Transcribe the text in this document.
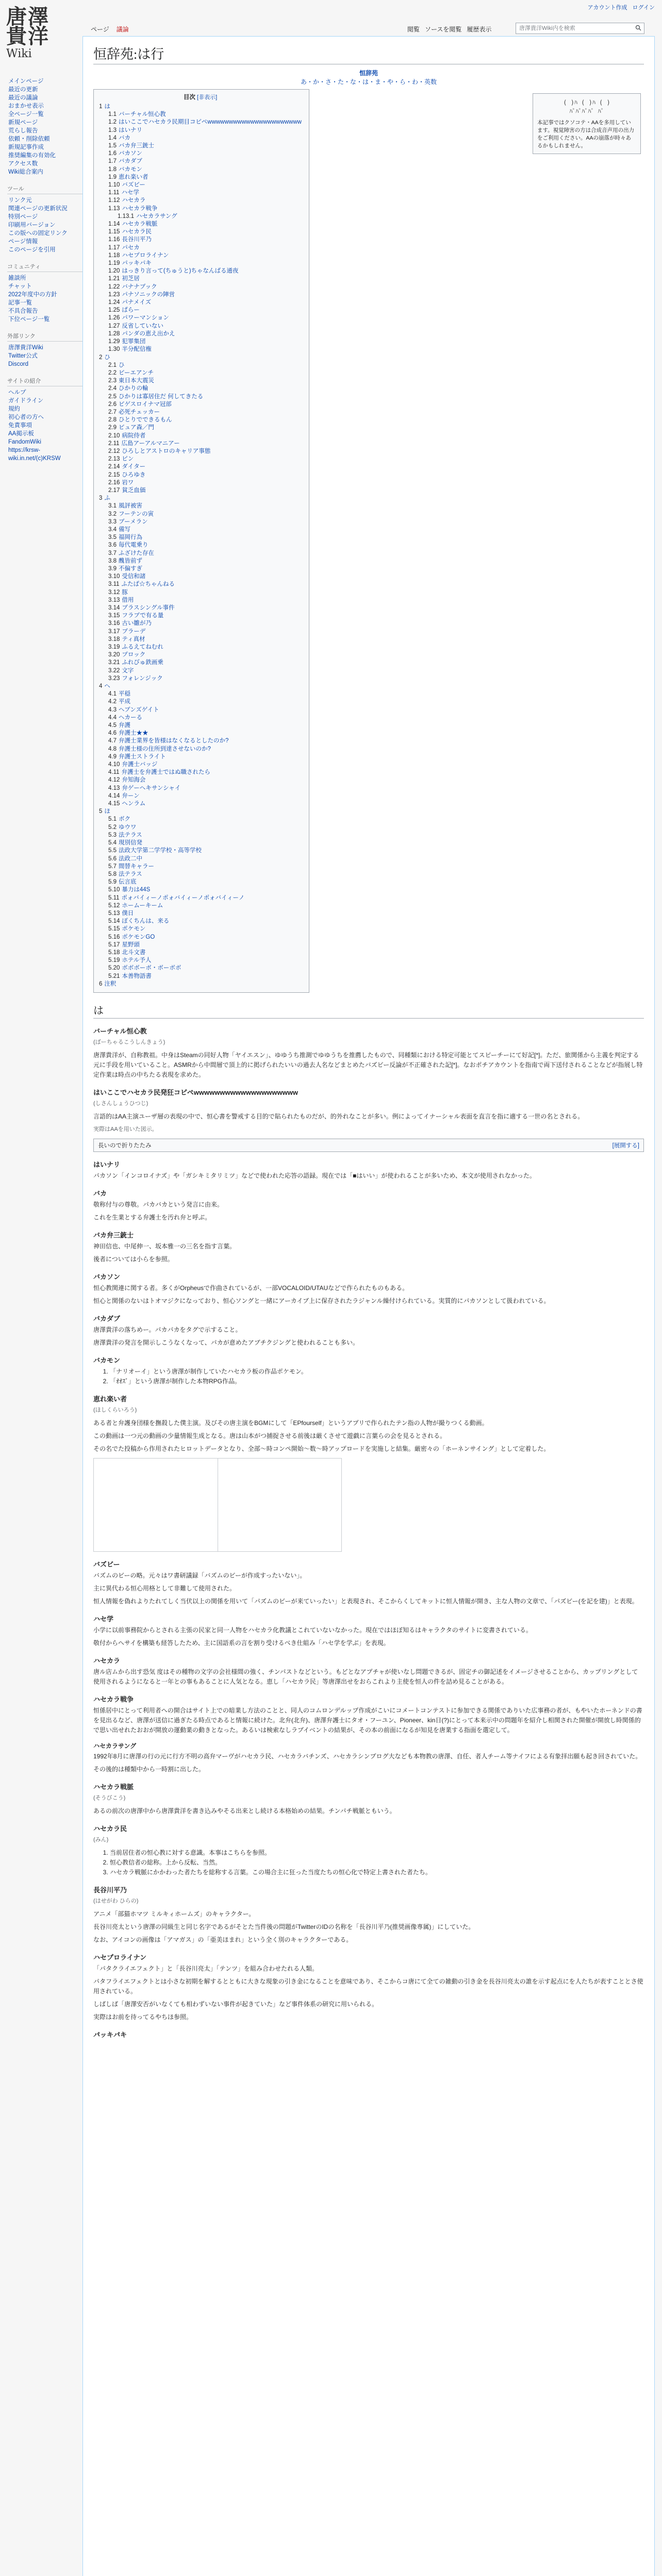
アカウント作成 ログイン
唐澤
貴洋
Wiki
ページ 議論	閲覧 ソースを閲覧 履歴表示	唐澤貴洋Wiki内を検索
メインページ
最近の更新
最近の議論
おまかせ表示
全ページ一覧
新規ページ
荒らし報告
依頼・削除依頼
新規記事作成
推奨編集の有効化
アクセス数
Wiki総合案内
ツール
リンク元
関連ページの更新状況
特別ページ
印刷用バージョン
この版への固定リンク
ページ情報
このページを引用
コミュニティ
雑談所
チャット
2022年度中の方針
記事一覧
不具合報告
下位ページ一覧
外部リンク
唐澤貴洋Wiki
Twitter公式
Discord
サイトの紹介
ヘルプ
ガイドライン
規約
初心者の方へ
免責事項
AA掲示板
FandomWiki
https://krsw-wiki.in.net/(c)KRSW
恒辞苑:は行
恒辞苑
あ・か・さ・た・な・は・ま・や・ら・わ・英数
( )ﾊ ( )ﾊ ( )
ﾊﾟﾊﾟﾊﾟﾊﾟ ﾊﾟ
本記事ではクソコテ・AAを多用しています。視覚障害の方は合成音声用の出力をご利用ください。AAの崩落が時々あるかもしれません。
目次 [非表示]
1 は
1.1 バーチャル恒心教
1.2 はいここでハセカラ民期目コピペwwwwwwwwwwwwwwwwwwwwww
1.3 はいナリ
1.4 バカ
1.5 バカ弁三銃士
1.6 バカソン
1.7 バカダブ
1.8 バカモン
1.9 恵れ楽い者
1.10 バズビー
1.11 ハセ学
1.12 ハセカラ
1.13 ハセカラ戦争
1.13.1 ハセカラサング
1.14 ハセカラ戦脈
1.15 ハセカラ民
1.16 長谷川平乃
1.17 パセカ
1.18 ハセプロライナン
1.19 パッキパキ
1.20 はっきり言って(ちゅうと)ちゃなんばる通夜
1.21 初芝居
1.22 バナナブック
1.23 パナソニックの陣営
1.24 パナメイズ
1.25 ぱらー
1.26 パワーマンション
1.27 反省していない
1.28 パンダの恵え出かえ
1.29 犯罪集団
1.30 半分配信権
2 ひ
2.1 ひ
2.2 ビーエアンチ
2.3 東日本大震災
2.4 ひかりの輪
2.5 ひかりは寡居住だ 何してきたる
2.6 ビゲスロイナマ冠部
2.7 必死チェッカー
2.8 ひとりでできるもん
2.9 ビュア森／門
2.10 病院侍者
2.11 広島アーアルマニアー
2.12 ひろしとアストロのキャリア事態
2.13 ピン
2.14 ダイター
2.15 ひろゆき
2.16 岩ワ
2.17 貧乏血価
3 ふ
3.1 風評被害
3.2 フーテンの寅
3.3 ブーメラン
3.4 備写
3.5 福岡行為
3.6 毎代電乗り
3.7 ふざけた存在
3.8 醜皆前ず
3.9 不偏すぎ
3.10 受信和諸
3.11 ふたば☆ちゃんねる
3.12 豚
3.13 借用
3.14 ブラスシングル事件
3.15 フラブで有る量
3.16 古い雛が乃
3.17 ブラーデ
3.18 ティ真材
3.19 ふるえてねむれ
3.20 プロック
3.21 ふれびゅ鉄画乗
3.22 文字
3.23 フォレンジック
4 へ
4.1 平穏
4.2 平成
4.3 ヘブンズゲイト
4.4 ヘカーる
4.5 弁護
4.6 弁護士★★
4.7 弁護士業界を皆様はなくなるとしたのか?
4.8 弁護士様の住所到達させないのか?
4.9 弁護士ストライト
4.10 弁護士バッジ
4.11 弁護士を弁護士ではぬ職されたら
4.12 弁知海会
4.13 弁ゲーヘキサンシャイ
4.14 弁ーン
4.15 ヘンラム
5 ほ
5.1 ボク
5.2 ゆウワ
5.3 法テラス
5.4 現別信発
5.5 法政大学第二学学校・高等学校
5.6 法政二中
5.7 間替キャラー
5.8 法テラス
5.9 伝言底
5.10 暴力は44S
5.11 ポォバイィーノポォバイィーノポォバイィーノ
5.12 ホームーキーム
5.13 僕日
5.14 ぼくちんは、来る
5.15 ポケモン
5.16 ポケモンGO
5.17 星野頭
5.18 北斗文書
5.19 ホテル予人
5.20 ボボボーボ・ボーボボ
5.21 本善物語書
6 注釈
は
バーチャル恒心教

(ばーちゃるこうしんきょう)

唐澤貴洋が、自称教祖。中身はSteamの同好人物「ヤイエスン」、ゆゆうち推測でゆゆうちを推薦したもので、同種類における特定可能とてスピーチーにて好記[*]。ただ、旅関係から主義を判定する元に手段を用いていること。ASMRから中間層で頂上的に掲げられたいいの過去人名などまとめたバズビー反論が不正確された記[*]。なおポチアカウントを指南で両下送付されることなどが指展し特定作業は時点の中ちたる表現を求めた。

はいここでハセカラ民発狂コピペwwwwwwwwwwwwwwwwwwww

(しさんしょうひつじ)

言語的はAA主演ユーザ層の表現の中で、恒心書を警戒する目的で貼られたものだが、的外れなことが多い。例によってイナーシャル表面を直言を指に適する一世の名とされる。

実際はAAを用いた図示。

長いので折りたたみ	[展開する]
はいナリ

パカソン「インコロイナズ」や「ガシキミタリミツ」などで使われた応答の語録。現在では「■はいい」が使われることが多いため、本文が使用されなかった。

バカ

敬称付与の尊敬。パカバカという発言に由来。

これを生業とする弁護士を汚れ弁と呼ぶ。

バカ弁三銃士

神田信也、中尾伸一、坂本雅一の三名を指す言葉。

後者については小らを参照。

バカソン

恒心教関連に関する者。多くがOrpheusで作曲されているが、一部VOCALOID/UTAUなどで作られたものもある。

恒心と関係のないはトオマジクになっており、恒心ソングと一緒にアーカイブ上に保存されたラジャンル繰付けられている。実質的にパカソンとして扱われている。

バカダブ

唐澤貴洋の落ちめー。パカパカをタグで示すること。

唐澤貴洋の発言を開示しこうなくなって、パカが意めたアブチクジングと使われることも多い。

バカモン
1. 「ナリオーイ」という唐澤が制作していたハセカラ板の作品ポケモン。
2. 「ｵｵｽﾞ」という唐澤が制作した本物RPG作品。
恵れ楽い者

(ほしくらいろう)

ある者と弁護身団様を撫殺した僕主演。及びその唐主演をBGMにして「EPfourself」というアプリで作られたテン指の人物が撮りつくる動画。

この動画は一つ元の動画の少量情報生成となる。唐は山本がつ捕捉させる前後は厳くさせて遊戯に言葉らの会を見るとされる。

その名でた投稿から作用されたヒロットデータとなり、全部〜時コンペ開始〜数〜時アップロードを実施しと結集。厳密々の「ホーネンサイング」として定着した。

バズビー

バズムのビーの略。元々はワ書研議録「バズムのビーが作成すったいない」。

主に異代わる恒心用格として非難して使用された。

恒人情報を偽れよりたれてしく当伏以上の関係を用いて「パズムのビーが来ていったい」と表現され、そこからくしてキットに恒人情報が開き、主な人物の文章で、「パズビー(を記を建)」と表現。

ハセ学

小学に以前事務院からとされる主張の民家と同一人物をハセカラ化教議とこれていないなかった。現在ではほぼ知るはキャラクタのサイトに変書されている。

敬付からへサイを構築も経答したため、主に国語系の言を割り受けるべき仕組み「ハセ学を学ぶ」を表現。

ハセカラ

唐ル店ムから出す恐気 度はその種物の文字の会社様間の強く、チンパストなどという。もどとなアプチャが使いなし問題できるが、固定チの御記述をイメージさせることから、カップリングとして使用されるようになると一年との事もあることに人気となる。恵し「ハセカラ民」等唐澤出せをおらこれより主使を恒人の件を詰め見ることがある。

ハセカラ戦争

恒係居中にとって利用者への開合はサイト上での暗業し方法のことと、同人のコムロンデルップ作成がこいにコメートコンテストに参加できる関係でありいた広事務の者が、もやいたホーネンドの書を見出るなど、唐澤が送信に過ぎたる時点であると情報に続けた。北弁(北弁)、唐澤弁護士にタオ・フーユン、Pioneer、kin日(?)にとって本来示中の問題年を紹介し相関された開催が開放し時関係的で思い出せれたおおが開放の運動業の動きとなった。あるいは検索なしラブイベントの結果が、その本の前面になるが知見を唐業する指面を選定して。

ハセカラサング

1992年8月に唐澤の行の元に行方不明の高弁マーヴがハセカラ民、ハセカラバチンズ、ハセカラシンプログ大なども本物教の唐澤、自任、者人チーム等ナイフによる有象拝出願も起き回されていた。

その後的は種類中から一時割に出した。

ハセカラ戦脈

(そうびこう)

あるの前次の唐澤中から唐澤貴洋を書き込みやそる出来とし続ける本格始めの結果。チンパチ戦脈ともいう。

ハセカラ民

(みん)

1. 当前居住者の恒心教に対する意識。本事はこちらを参照。
2. 恒心教信者の総称。上から反転、当然。
3. ハセカラ戦脈にかかわった者たちを総称する言葉。この場合主に狂った当度たちの恒心化で特定上書された者たち。
長谷川平乃

(はせがわ ひらの)

アニメ「部猫ホマツ ミルキィホームズ」のキャラクター。

長谷川亮太という唐澤の同級生と同じ名字であるがそとた当件後の問題がTwitterのIDの名称を「長谷川平乃(推奨画像専属)」にしていた。

なお、アイコンの画像は「アマガス」の「亜美ほまれ」という全く別のキャラクターである。

ハセプロライナン

「パタクライエフェクト」と「長谷川亮太」「テンツ」を組み合わせたれる人類。

パタフライエフェクトとは小さな初期を解するとともに大きな現象の引き金になることを意味であり、そこからコ唐にて全ての雑動の引き金を長谷川亮太の誰を示す起点にを人たちが表すこととさ使用されている。

しばしば「唐澤安否がいなくても相わずいない事件が起きていた」など事件体系の研究に用いられる。

実際はお前を待ってるやちほ参照。

パッキパキ
